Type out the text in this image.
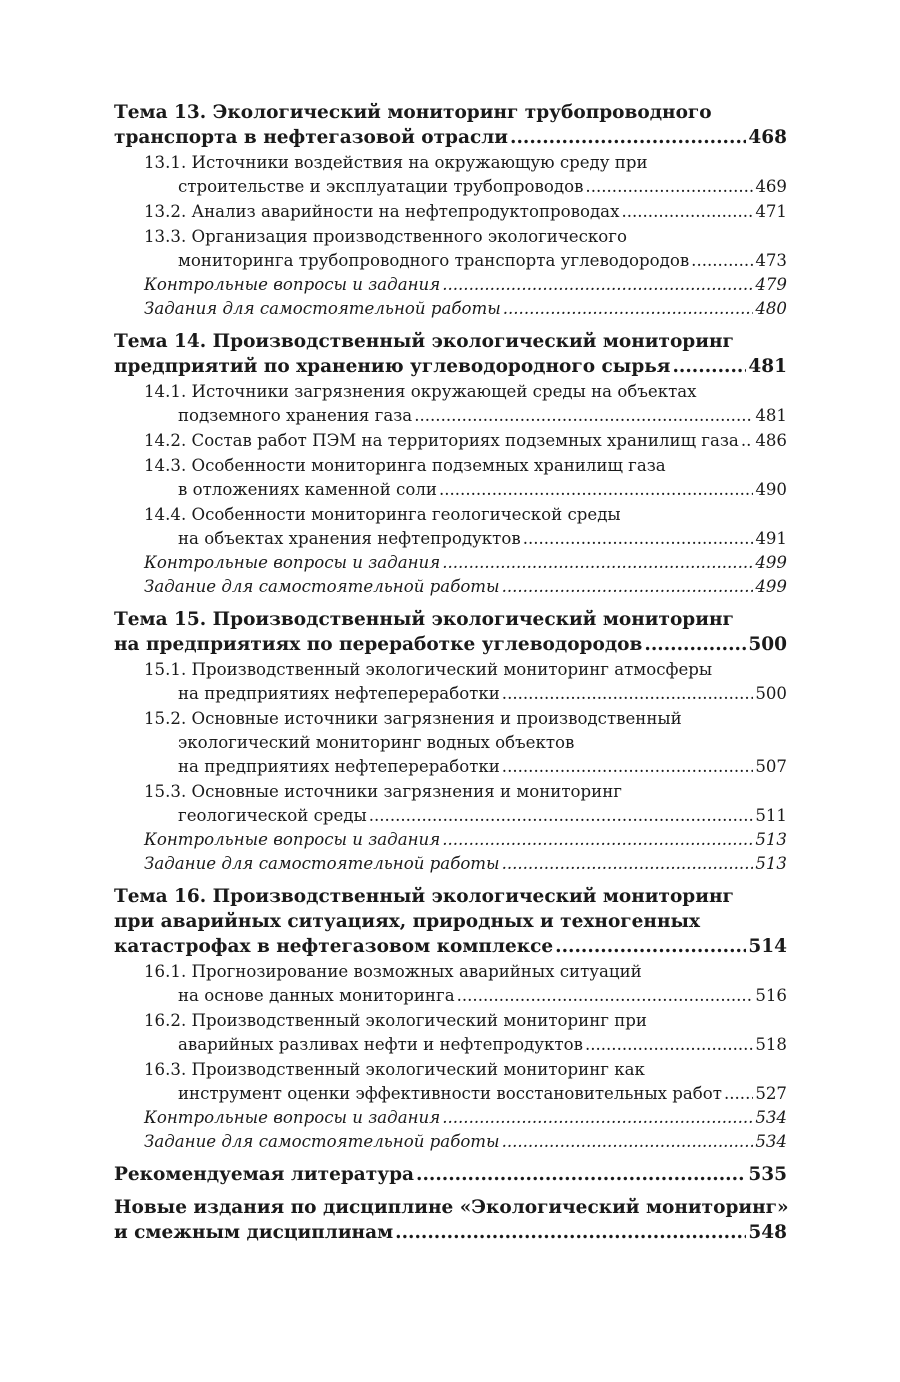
Тема 13. Экологический мониторинг трубопроводного
транспорта в нефтегазовой отрасли .....	468
13.1. Источники воздействия на окружающую среду при
строительстве и эксплуатации трубопроводов .....	469
13.2. Анализ аварийности на нефтепродуктопроводах .....	471
13.3. Организация производственного экологического
мониторинга трубопроводного транспорта углеводородов .....	473
Контрольные вопросы и задания .....	479
Задания для самостоятельной работы .....	480
Тема 14. Производственный экологический мониторинг
предприятий по хранению углеводородного сырья .....	481
14.1. Источники загрязнения окружающей среды на объектах
подземного хранения газа .....	481
14.2. Состав работ ПЭМ на территориях подземных хранилищ газа ..... 486
14.3. Особенности мониторинга подземных хранилищ газа
в отложениях каменной соли .....	490
14.4. Особенности мониторинга геологической среды
на объектах хранения нефтепродуктов .....	491
Контрольные вопросы и задания .....	499
Задание для самостоятельной работы .....	499
Тема 15. Производственный экологический мониторинг
на предприятиях по переработке углеводородов .....	500
15.1. Производственный экологический мониторинг атмосферы
на предприятиях нефтепереработки .....	500
15.2. Основные источники загрязнения и производственный
экологический мониторинг водных объектов
на предприятиях нефтепереработки .....	507
15.3. Основные источники загрязнения и мониторинг
геологической среды .....	511
Контрольные вопросы и задания .....	513
Задание для самостоятельной работы .....	513
Тема 16. Производственный экологический мониторинг
при аварийных ситуациях, природных и техногенных
катастрофах в нефтегазовом комплексе .....	514
16.1. Прогнозирование возможных аварийных ситуаций
на основе данных мониторинга .....	516
16.2. Производственный экологический мониторинг при
аварийных разливах нефти и нефтепродуктов .....	518
16.3. Производственный экологический мониторинг как
инструмент оценки эффективности восстановительных работ ..... 527
Контрольные вопросы и задания .....	534
Задание для самостоятельной работы .....	534
Рекомендуемая литература .....	535
Новые издания по дисциплине «Экологический мониторинг»
и смежным дисциплинам .....	548
